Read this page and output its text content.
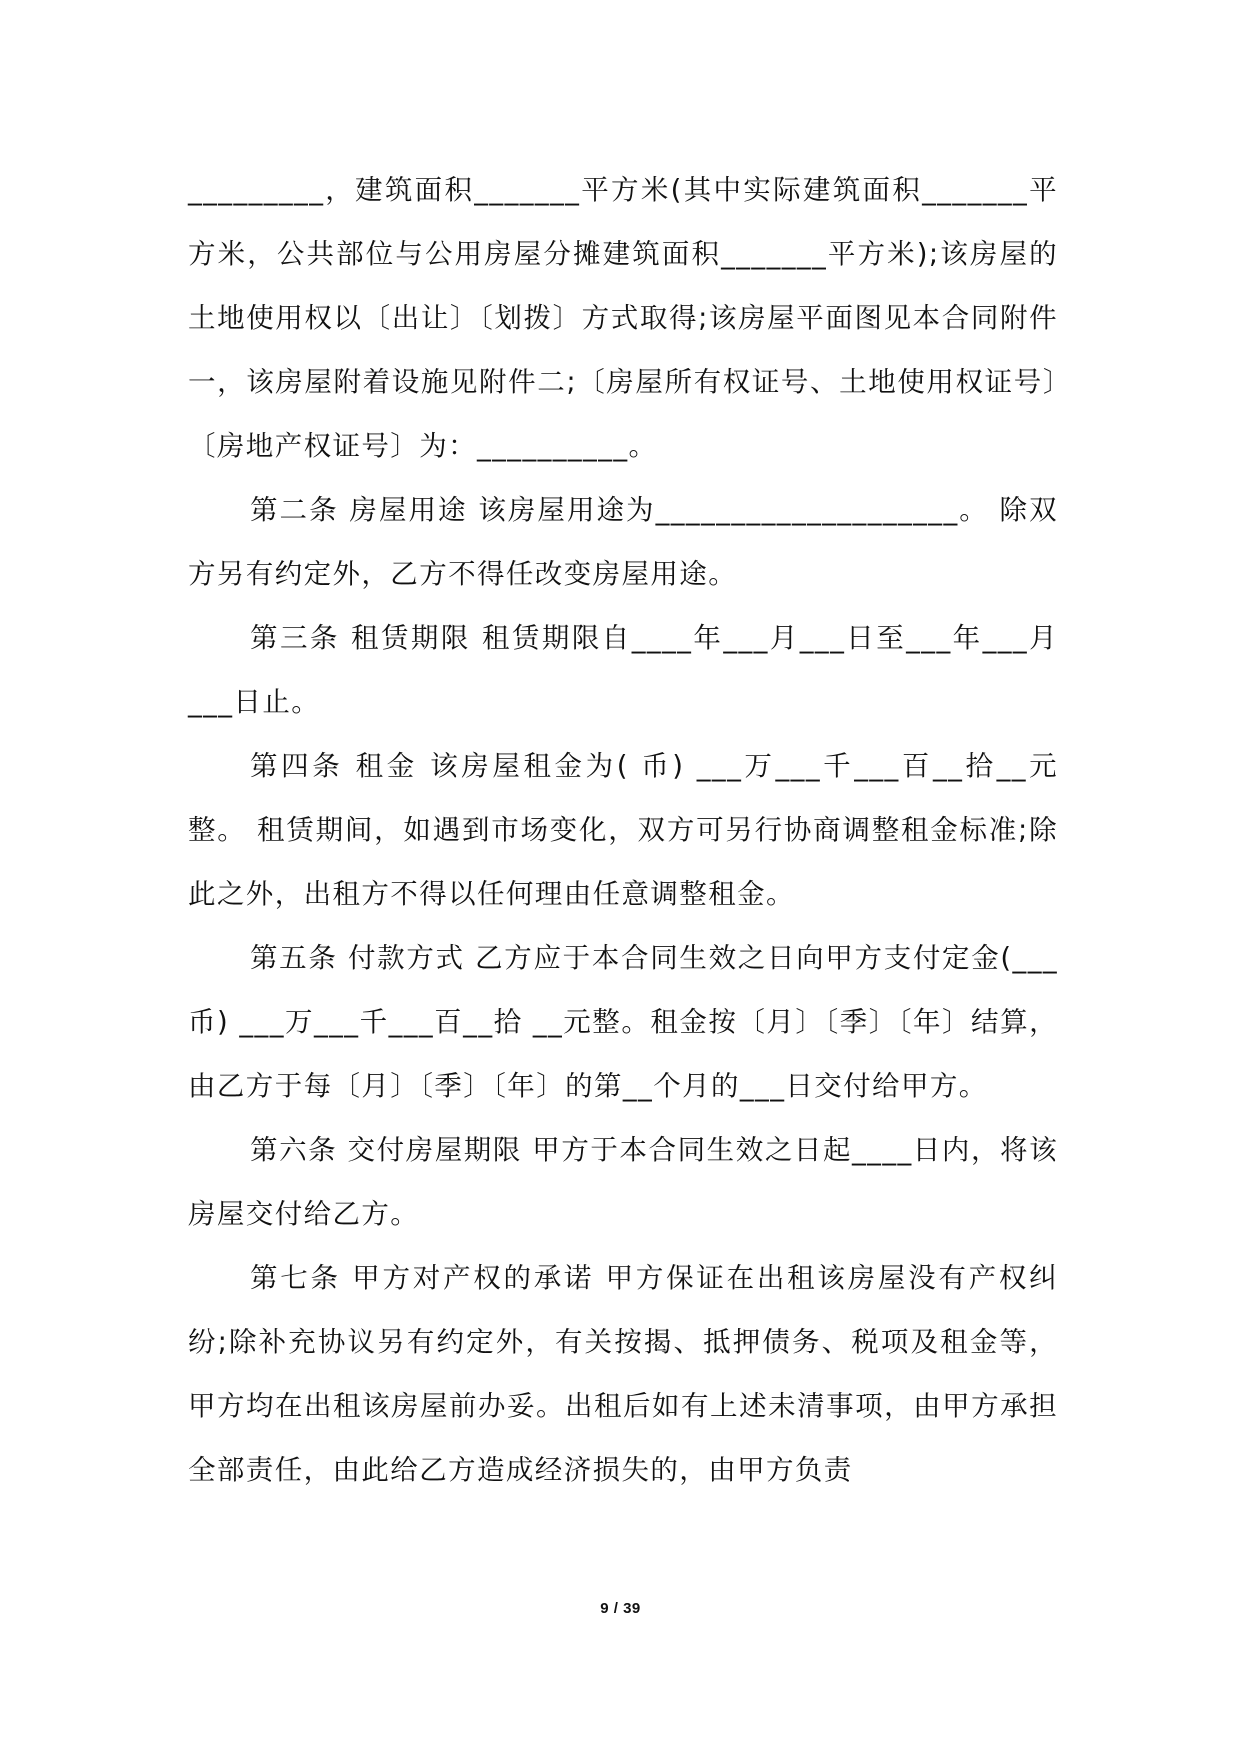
_________，建筑面积_______平方米(其中实际建筑面积_______平方米，公共部位与公用房屋分摊建筑面积_______平方米);该房屋的土地使用权以〔出让〕〔划拨〕方式取得;该房屋平面图见本合同附件一，该房屋附着设施见附件二;〔房屋所有权证号、土地使用权证号〕〔房地产权证号〕为：__________。

第二条 房屋用途 该房屋用途为____________________。 除双方另有约定外，乙方不得任改变房屋用途。

第三条 租赁期限 租赁期限自____年___月___日至___年___月___日止。

第四条 租金 该房屋租金为( 币) ___万___千___百__拾__元整。 租赁期间，如遇到市场变化，双方可另行协商调整租金标准;除此之外，出租方不得以任何理由任意调整租金。

第五条 付款方式 乙方应于本合同生效之日向甲方支付定金(___币) ___万___千___百__拾 __元整。租金按〔月〕〔季〕〔年〕结算，由乙方于每〔月〕〔季〕〔年〕的第__个月的___日交付给甲方。

第六条 交付房屋期限 甲方于本合同生效之日起____日内，将该房屋交付给乙方。

第七条 甲方对产权的承诺 甲方保证在出租该房屋没有产权纠纷;除补充协议另有约定外，有关按揭、抵押债务、税项及租金等，甲方均在出租该房屋前办妥。出租后如有上述未清事项，由甲方承担全部责任，由此给乙方造成经济损失的，由甲方负责

9 / 39
